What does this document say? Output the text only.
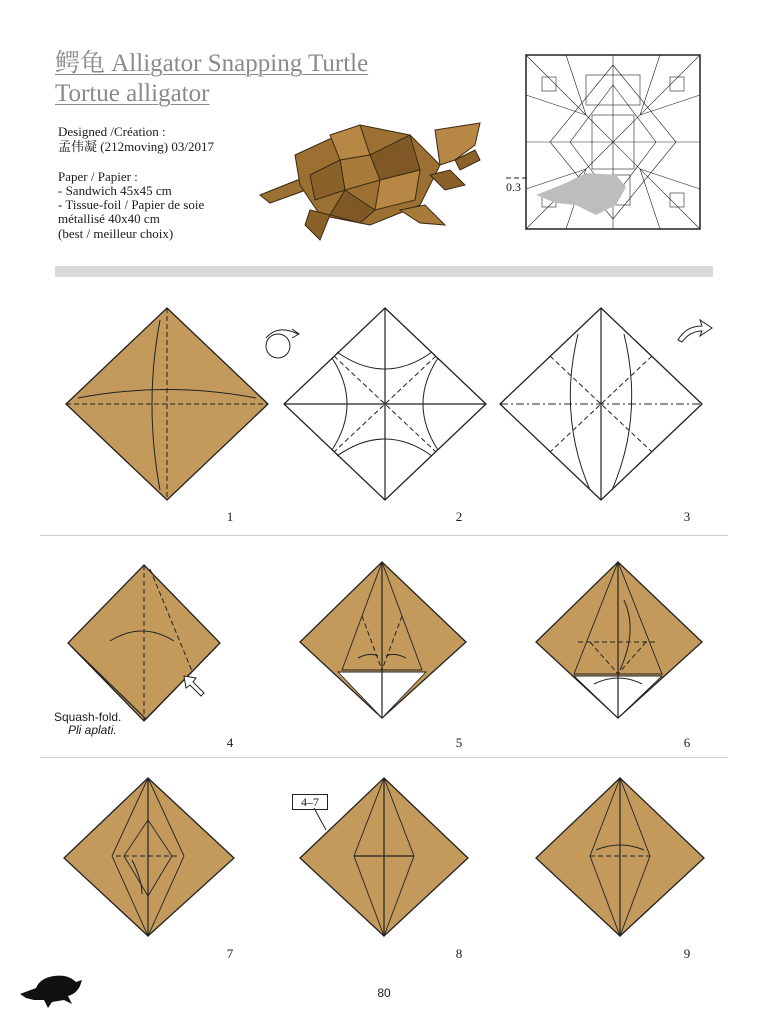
鳄龟 Alligator Snapping Turtle
Tortue alligator
Designed /Création :
孟伟凝 (212moving) 03/2017
Paper / Papier :
- Sandwich 45x45 cm
- Tissue-foil / Papier de soie
métallisé 40x40 cm
(best / meilleur choix)
0.3
1	2	3
Squash-fold.
Pli aplati.
4	5	6
7
4–7
8	9
80
